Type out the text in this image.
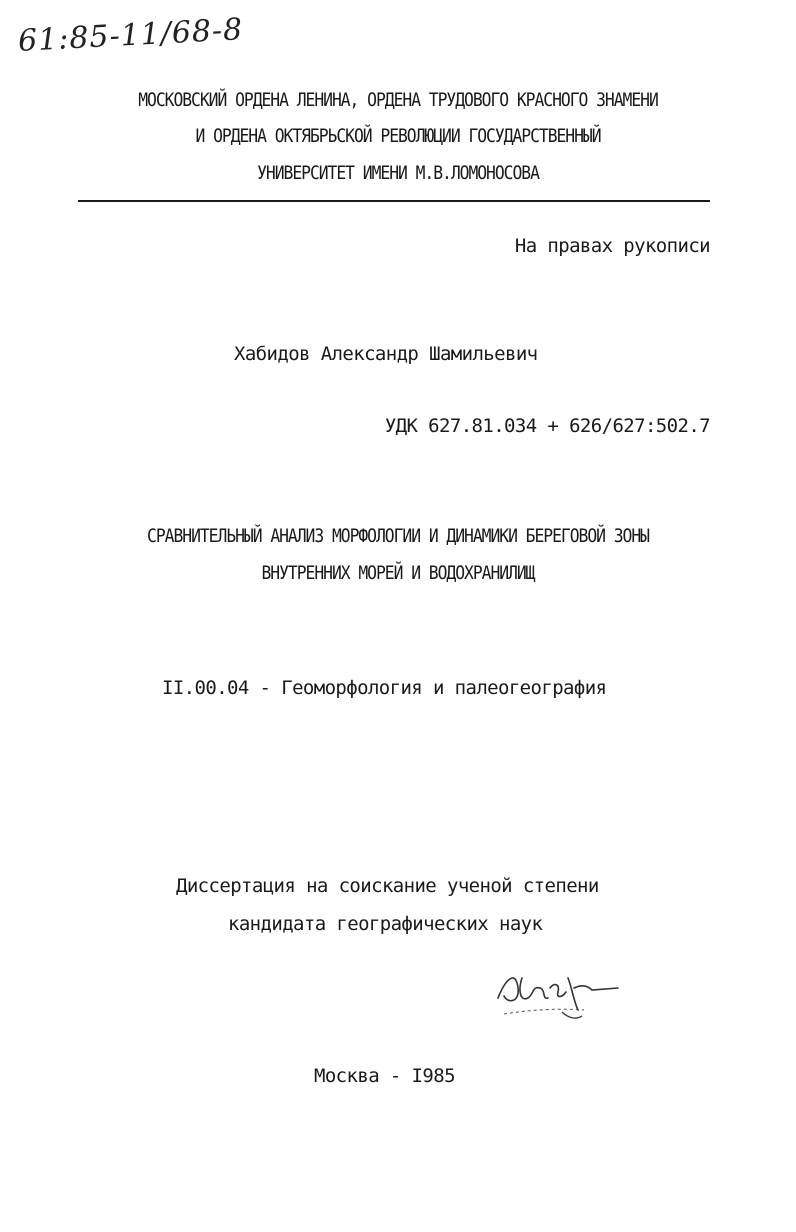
61:85-11/68-8
МОСКОВСКИЙ ОРДЕНА ЛЕНИНА, ОРДЕНА ТРУДОВОГО КРАСНОГО ЗНАМЕНИ
И ОРДЕНА ОКТЯБРЬСКОЙ РЕВОЛЮЦИИ ГОСУДАРСТВЕННЫЙ
УНИВЕРСИТЕТ ИМЕНИ М.В.ЛОМОНОСОВА
На правах рукописи
Хабидов Александр Шамильевич
УДК 627.81.034 + 626/627:502.7
СРАВНИТЕЛЬНЫЙ АНАЛИЗ МОРФОЛОГИИ И ДИНАМИКИ БЕРЕГОВОЙ ЗОНЫ
ВНУТРЕННИХ МОРЕЙ И ВОДОХРАНИЛИЩ
II.00.04 - Геоморфология и палеогеография
Диссертация на соискание ученой степени
кандидата географических наук
Москва - I985
